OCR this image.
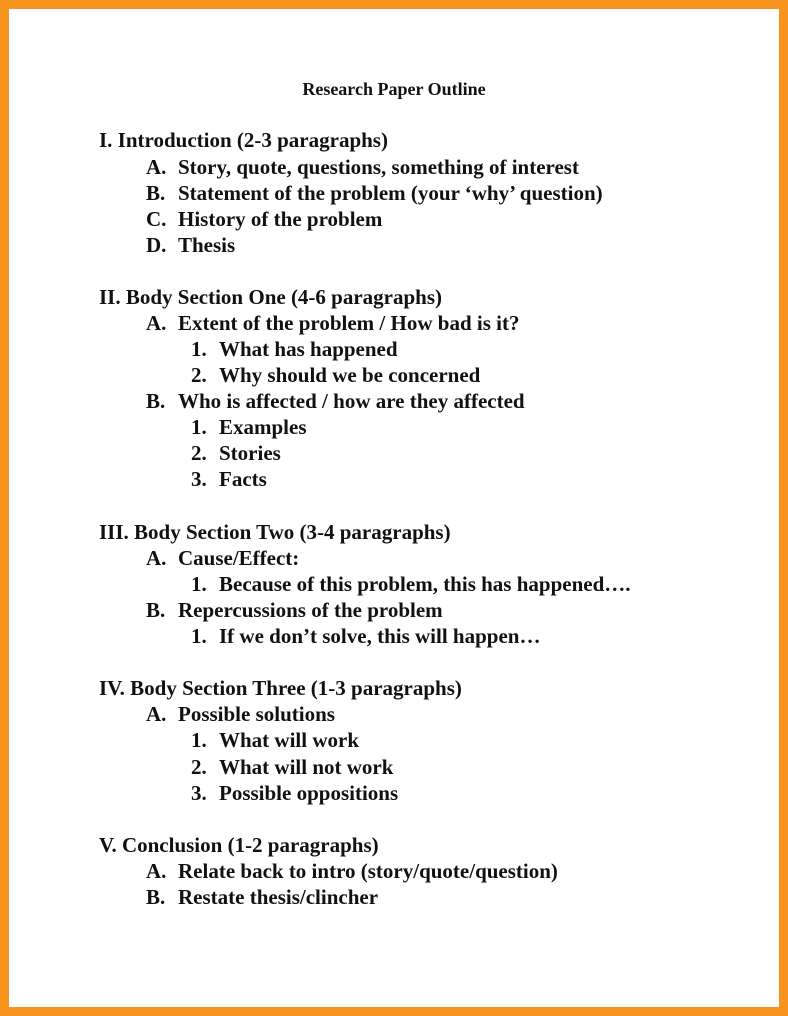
Research Paper Outline
I. Introduction (2-3 paragraphs)
A. Story, quote, questions, something of interest
B. Statement of the problem (your ‘why’ question)
C. History of the problem
D. Thesis
II. Body Section One (4-6 paragraphs)
A. Extent of the problem / How bad is it?
1. What has happened
2. Why should we be concerned
B. Who is affected / how are they affected
1. Examples
2. Stories
3. Facts
III. Body Section Two (3-4 paragraphs)
A. Cause/Effect:
1. Because of this problem, this has happened….
B. Repercussions of the problem
1. If we don’t solve, this will happen…
IV. Body Section Three (1-3 paragraphs)
A. Possible solutions
1. What will work
2. What will not work
3. Possible oppositions
V. Conclusion (1-2 paragraphs)
A. Relate back to intro (story/quote/question)
B. Restate thesis/clincher
